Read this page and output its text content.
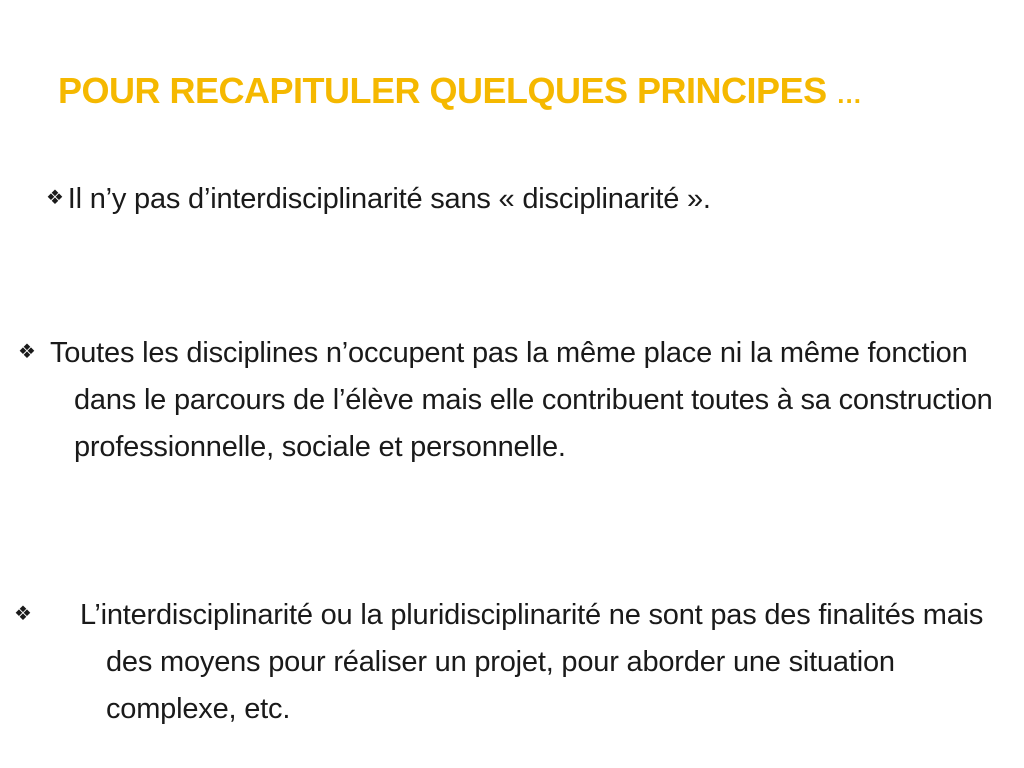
POUR RECAPITULER QUELQUES PRINCIPES …
❖ Il n’y pas d’interdisciplinarité sans « disciplinarité ».
❖ Toutes les disciplines n’occupent pas la même place ni la même fonction dans le parcours de l’élève mais elle contribuent toutes à sa construction professionnelle, sociale et personnelle.
❖ L’interdisciplinarité ou la pluridisciplinarité ne sont pas des finalités mais des moyens pour réaliser un projet, pour aborder une situation complexe, etc.
